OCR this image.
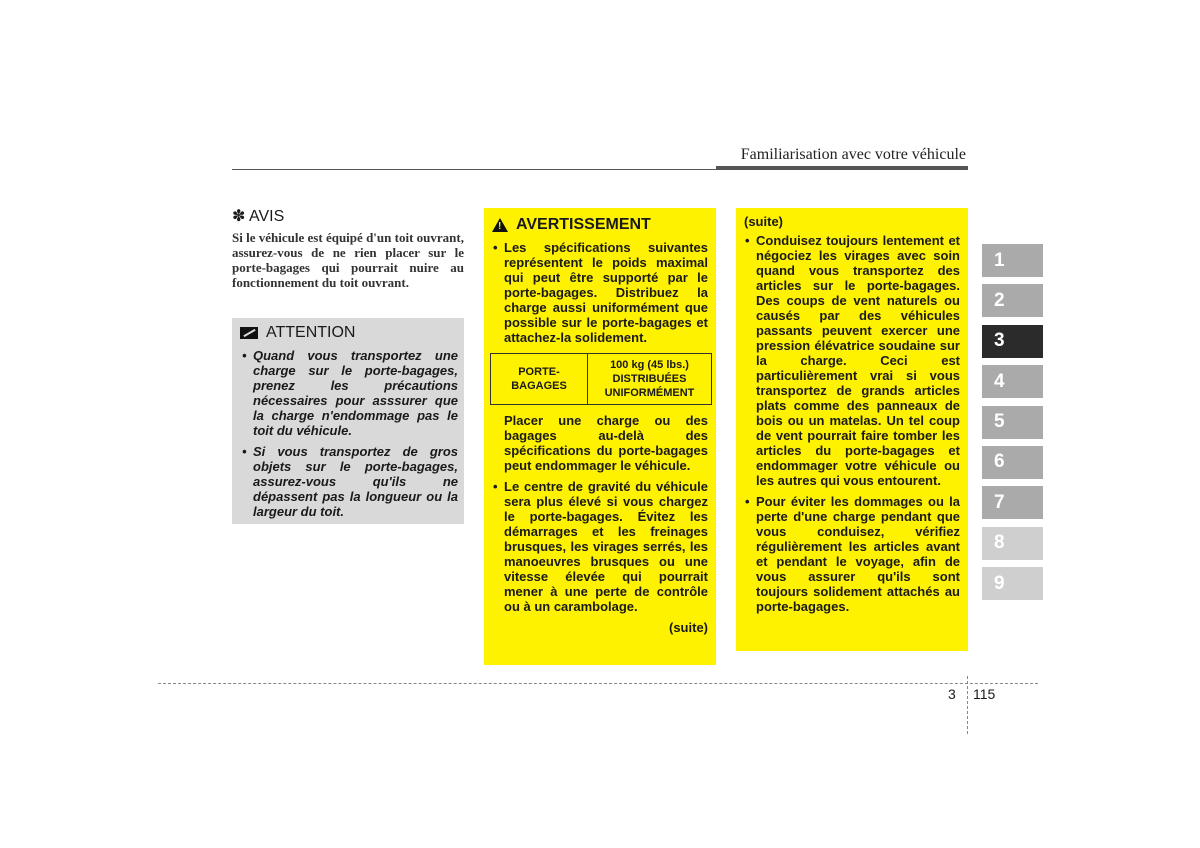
Familiarisation avec votre véhicule
✽ AVIS
Si le véhicule est équipé d'un toit ouvrant, assurez-vous de ne rien placer sur le porte-bagages qui pourrait nuire au fonctionnement du toit ouvrant.
ATTENTION
• Quand vous transportez une charge sur le porte-bagages, prenez les précautions nécessaires pour asssurer que la charge n'endommage pas le toit du véhicule.
• Si vous transportez de gros objets sur le porte-bagages, assurez-vous qu'ils ne dépassent pas la longueur ou la largeur du toit.
! AVERTISSEMENT
• Les spécifications suivantes représentent le poids maximal qui peut être supporté par le porte-bagages. Distribuez la charge aussi uniformément que possible sur le porte-bagages et attachez-la solidement.
PORTE-BAGAGES	100 kg (45 lbs.) DISTRIBUÉES UNIFORMÉMENT
Placer une charge ou des bagages au-delà des spécifications du porte-bagages peut endommager le véhicule.
• Le centre de gravité du véhicule sera plus élevé si vous chargez le porte-bagages. Évitez les démarrages et les freinages brusques, les virages serrés, les manoeuvres brusques ou une vitesse élevée qui pourrait mener à une perte de contrôle ou à un carambolage.
(suite)
(suite)
• Conduisez toujours lentement et négociez les virages avec soin quand vous transportez des articles sur le porte-bagages. Des coups de vent naturels ou causés par des véhicules passants peuvent exercer une pression élévatrice soudaine sur la charge. Ceci est particulièrement vrai si vous transportez de grands articles plats comme des panneaux de bois ou un matelas. Un tel coup de vent pourrait faire tomber les articles du porte-bagages et endommager votre véhicule ou les autres qui vous entourent.
• Pour éviter les dommages ou la perte d'une charge pendant que vous conduisez, vérifiez régulièrement les articles avant et pendant le voyage, afin de vous assurer qu'ils sont toujours solidement attachés au porte-bagages.
1
2
3
4
5
6
7
8
9
3 115
